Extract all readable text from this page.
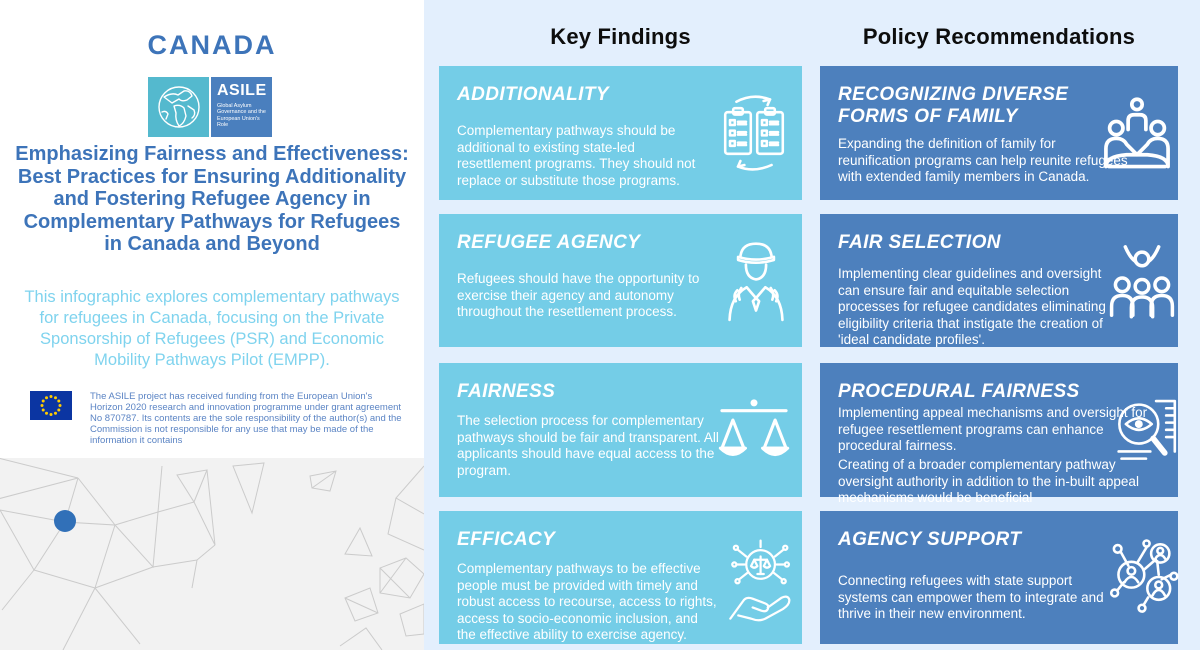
CANADA
ASILE
Global Asylum Governance and the European Union's Role
Emphasizing Fairness and Effectiveness: Best Practices for Ensuring Additionality and Fostering Refugee Agency in Complementary Pathways for Refugees in Canada and Beyond
This infographic explores complementary pathways for refugees in Canada, focusing on the Private Sponsorship of Refugees (PSR) and Economic Mobility Pathways Pilot (EMPP).
The ASILE project has received funding from the European Union's Horizon 2020 research and innovation programme under grant agreement No 870787. Its contents are the sole responsibility of the author(s) and the Commission is not responsible for any use that may be made of the information it contains
Key Findings	Policy Recommendations
ADDITIONALITY
Complementary pathways should be additional to existing state-led resettlement programs. They should not replace or substitute those programs.
REFUGEE AGENCY
Refugees should have the opportunity to exercise their agency and autonomy throughout the resettlement process.
FAIRNESS
The selection process for complementary pathways should be fair and transparent. All applicants should have equal access to the program.
EFFICACY
Complementary pathways to be effective people must be provided with timely and robust access to recourse, access to rights, access to socio-economic inclusion, and the effective ability to exercise agency.
RECOGNIZING DIVERSE FORMS OF FAMILY
Expanding the definition of family for reunification programs can help reunite refugees with extended family members in Canada.
FAIR SELECTION
Implementing clear guidelines and oversight can ensure fair and equitable selection processes for refugee candidates eliminating eligibility criteria that instigate the creation of 'ideal candidate profiles'.
PROCEDURAL FAIRNESS
Implementing appeal mechanisms and oversight for refugee resettlement programs can enhance procedural fairness.
Creating of a broader complementary pathway oversight authority in addition to the in-built appeal mechanisms would be beneficial
AGENCY SUPPORT
Connecting refugees with state support systems can empower them to integrate and thrive in their new environment.
